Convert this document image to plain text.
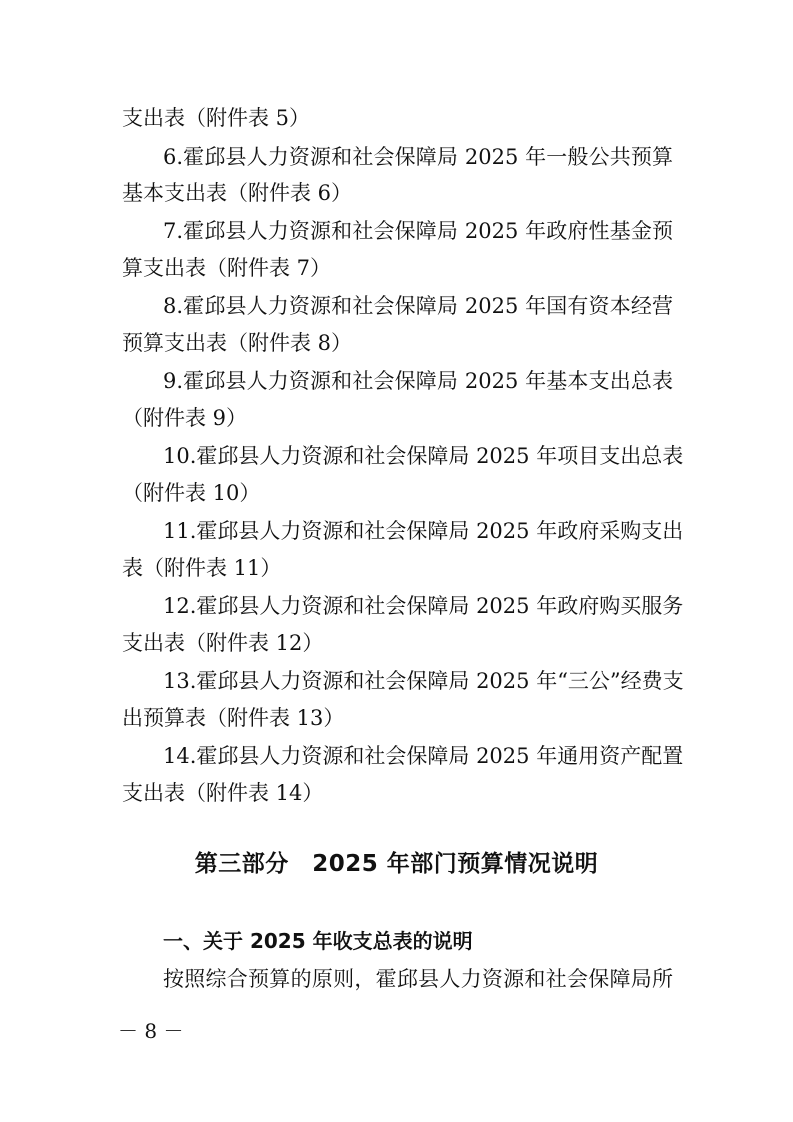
支出表（附件表 5）
6.霍邱县人力资源和社会保障局 2025 年一般公共预算
基本支出表（附件表 6）
7.霍邱县人力资源和社会保障局 2025 年政府性基金预
算支出表（附件表 7）
8.霍邱县人力资源和社会保障局 2025 年国有资本经营
预算支出表（附件表 8）
9.霍邱县人力资源和社会保障局 2025 年基本支出总表
（附件表 9）
10.霍邱县人力资源和社会保障局 2025 年项目支出总表
（附件表 10）
11.霍邱县人力资源和社会保障局 2025 年政府采购支出
表（附件表 11）
12.霍邱县人力资源和社会保障局 2025 年政府购买服务
支出表（附件表 12）
13.霍邱县人力资源和社会保障局 2025 年“三公”经费支
出预算表（附件表 13）
14.霍邱县人力资源和社会保障局 2025 年通用资产配置
支出表（附件表 14）
第三部分　2025 年部门预算情况说明
一、关于 2025 年收支总表的说明
按照综合预算的原则，霍邱县人力资源和社会保障局所
－ 8 －
